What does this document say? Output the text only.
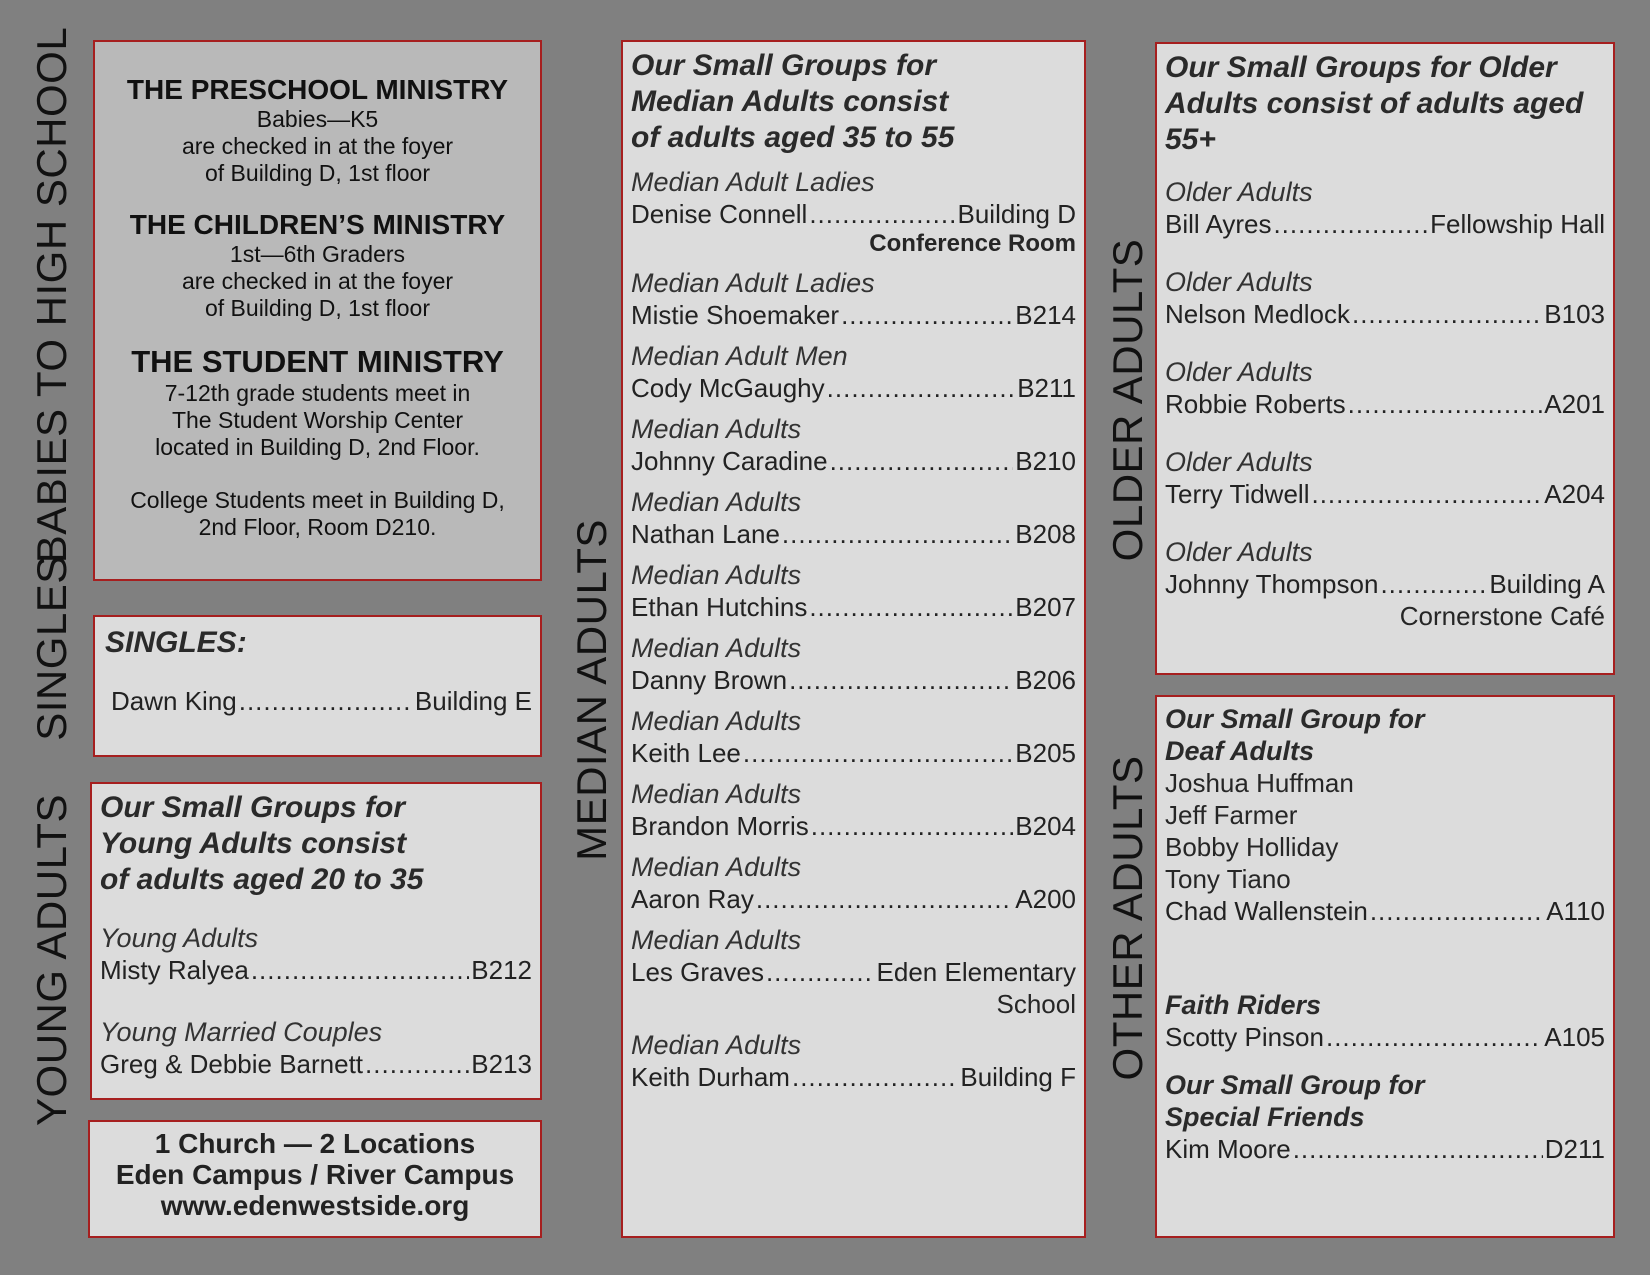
BABIES TO HIGH SCHOOL
SINGLES
YOUNG ADULTS
MEDIAN ADULTS
OLDER ADULTS
OTHER ADULTS
THE PRESCHOOL MINISTRY
Babies—K5
are checked in at the foyer
of Building D, 1st floor
THE CHILDREN’S MINISTRY
1st—6th Graders
are checked in at the foyer
of Building D, 1st floor
THE STUDENT MINISTRY
7-12th grade students meet in
The Student Worship Center
located in Building D, 2nd Floor.
College Students meet in Building D,
2nd Floor, Room D210.
SINGLES:
Dawn King .....	Building E
Our Small Groups for
Young Adults consist
of adults aged 20 to 35
Young Adults
Misty Ralyea .....	B212
Young Married Couples
Greg & Debbie Barnett .....	B213
1 Church — 2 Locations
Eden Campus / River Campus
www.edenwestside.org
Our Small Groups for
Median Adults consist
of adults aged 35 to 55
Median Adult Ladies
Denise Connell .....	Building D
Conference Room
Median Adult Ladies
Mistie Shoemaker .....	B214
Median Adult Men
Cody McGaughy .....	B211
Median Adults
Johnny Caradine .....	B210
Median Adults
Nathan Lane .....	B208
Median Adults
Ethan Hutchins .....	B207
Median Adults
Danny Brown .....	B206
Median Adults
Keith Lee .....	B205
Median Adults
Brandon Morris .....	B204
Median Adults
Aaron Ray .....	A200
Median Adults
Les Graves .....	Eden Elementary
School
Median Adults
Keith Durham .....	Building F
Our Small Groups for Older
Adults consist of adults aged
55+
Older Adults
Bill Ayres .....	Fellowship Hall
Older Adults
Nelson Medlock .....	B103
Older Adults
Robbie Roberts .....	A201
Older Adults
Terry Tidwell .....	A204
Older Adults
Johnny Thompson .....	Building A
Cornerstone Café
Our Small Group for
Deaf Adults
Joshua Huffman
Jeff Farmer
Bobby Holliday
Tony Tiano
Chad Wallenstein .....	A110
Faith Riders
Scotty Pinson .....	A105
Our Small Group for
Special Friends
Kim Moore .....	D211
